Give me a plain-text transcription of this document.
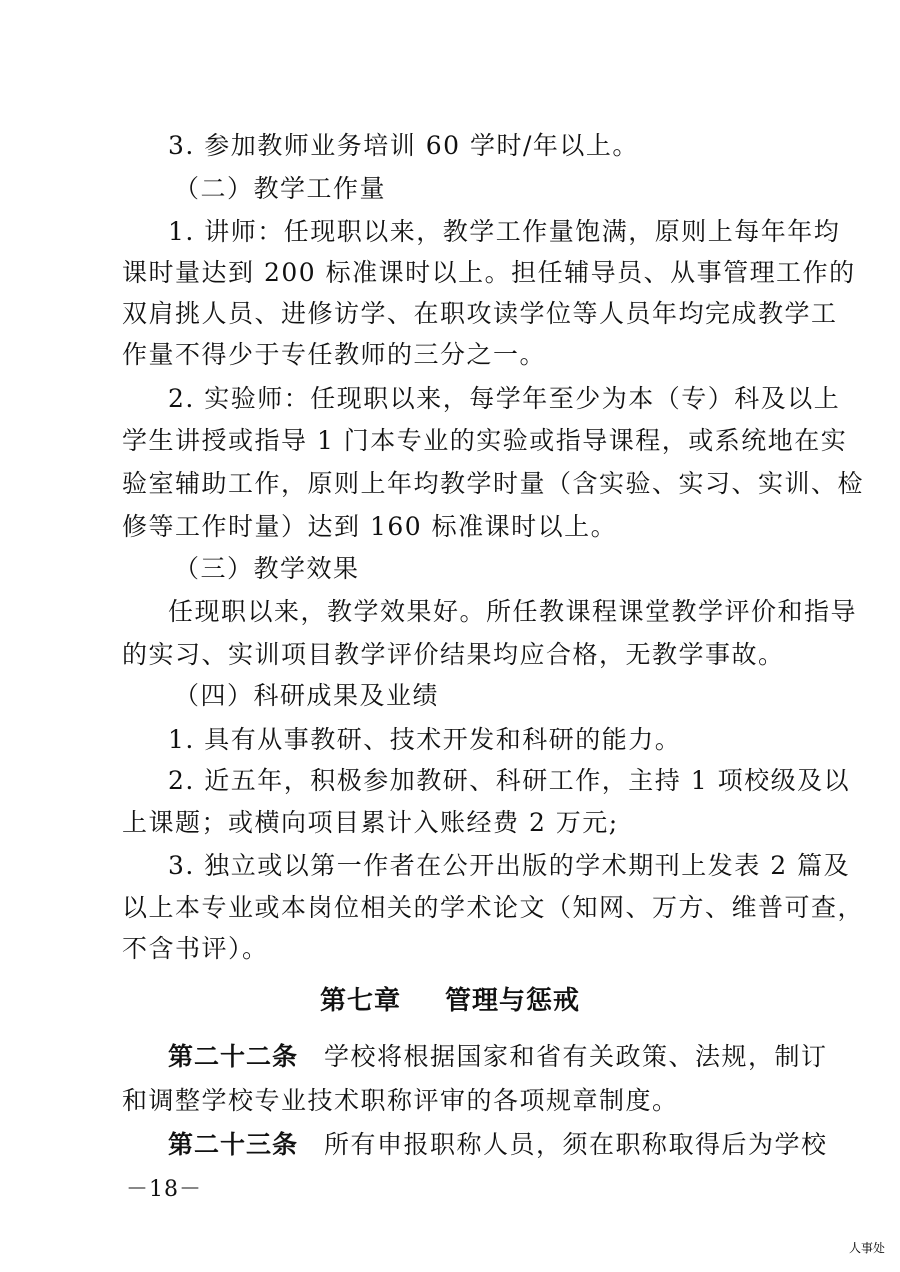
3. 参加教师业务培训 60 学时/年以上。
（二）教学工作量
1. 讲师：任现职以来，教学工作量饱满，原则上每年年均
课时量达到 200 标准课时以上。担任辅导员、从事管理工作的
双肩挑人员、进修访学、在职攻读学位等人员年均完成教学工
作量不得少于专任教师的三分之一。
2. 实验师：任现职以来，每学年至少为本（专）科及以上
学生讲授或指导 1 门本专业的实验或指导课程，或系统地在实
验室辅助工作，原则上年均教学时量（含实验、实习、实训、检
修等工作时量）达到 160 标准课时以上。
（三）教学效果
任现职以来，教学效果好。所任教课程课堂教学评价和指导
的实习、实训项目教学评价结果均应合格，无教学事故。
（四）科研成果及业绩
1. 具有从事教研、技术开发和科研的能力。
2. 近五年，积极参加教研、科研工作，主持 1 项校级及以
上课题；或横向项目累计入账经费 2 万元;
3. 独立或以第一作者在公开出版的学术期刊上发表 2 篇及
以上本专业或本岗位相关的学术论文（知网、万方、维普可查，
不含书评）。
第七章 管理与惩戒
第二十二条 学校将根据国家和省有关政策、法规，制订
和调整学校专业技术职称评审的各项规章制度。
第二十三条 所有申报职称人员，须在职称取得后为学校
－18－
人事处
